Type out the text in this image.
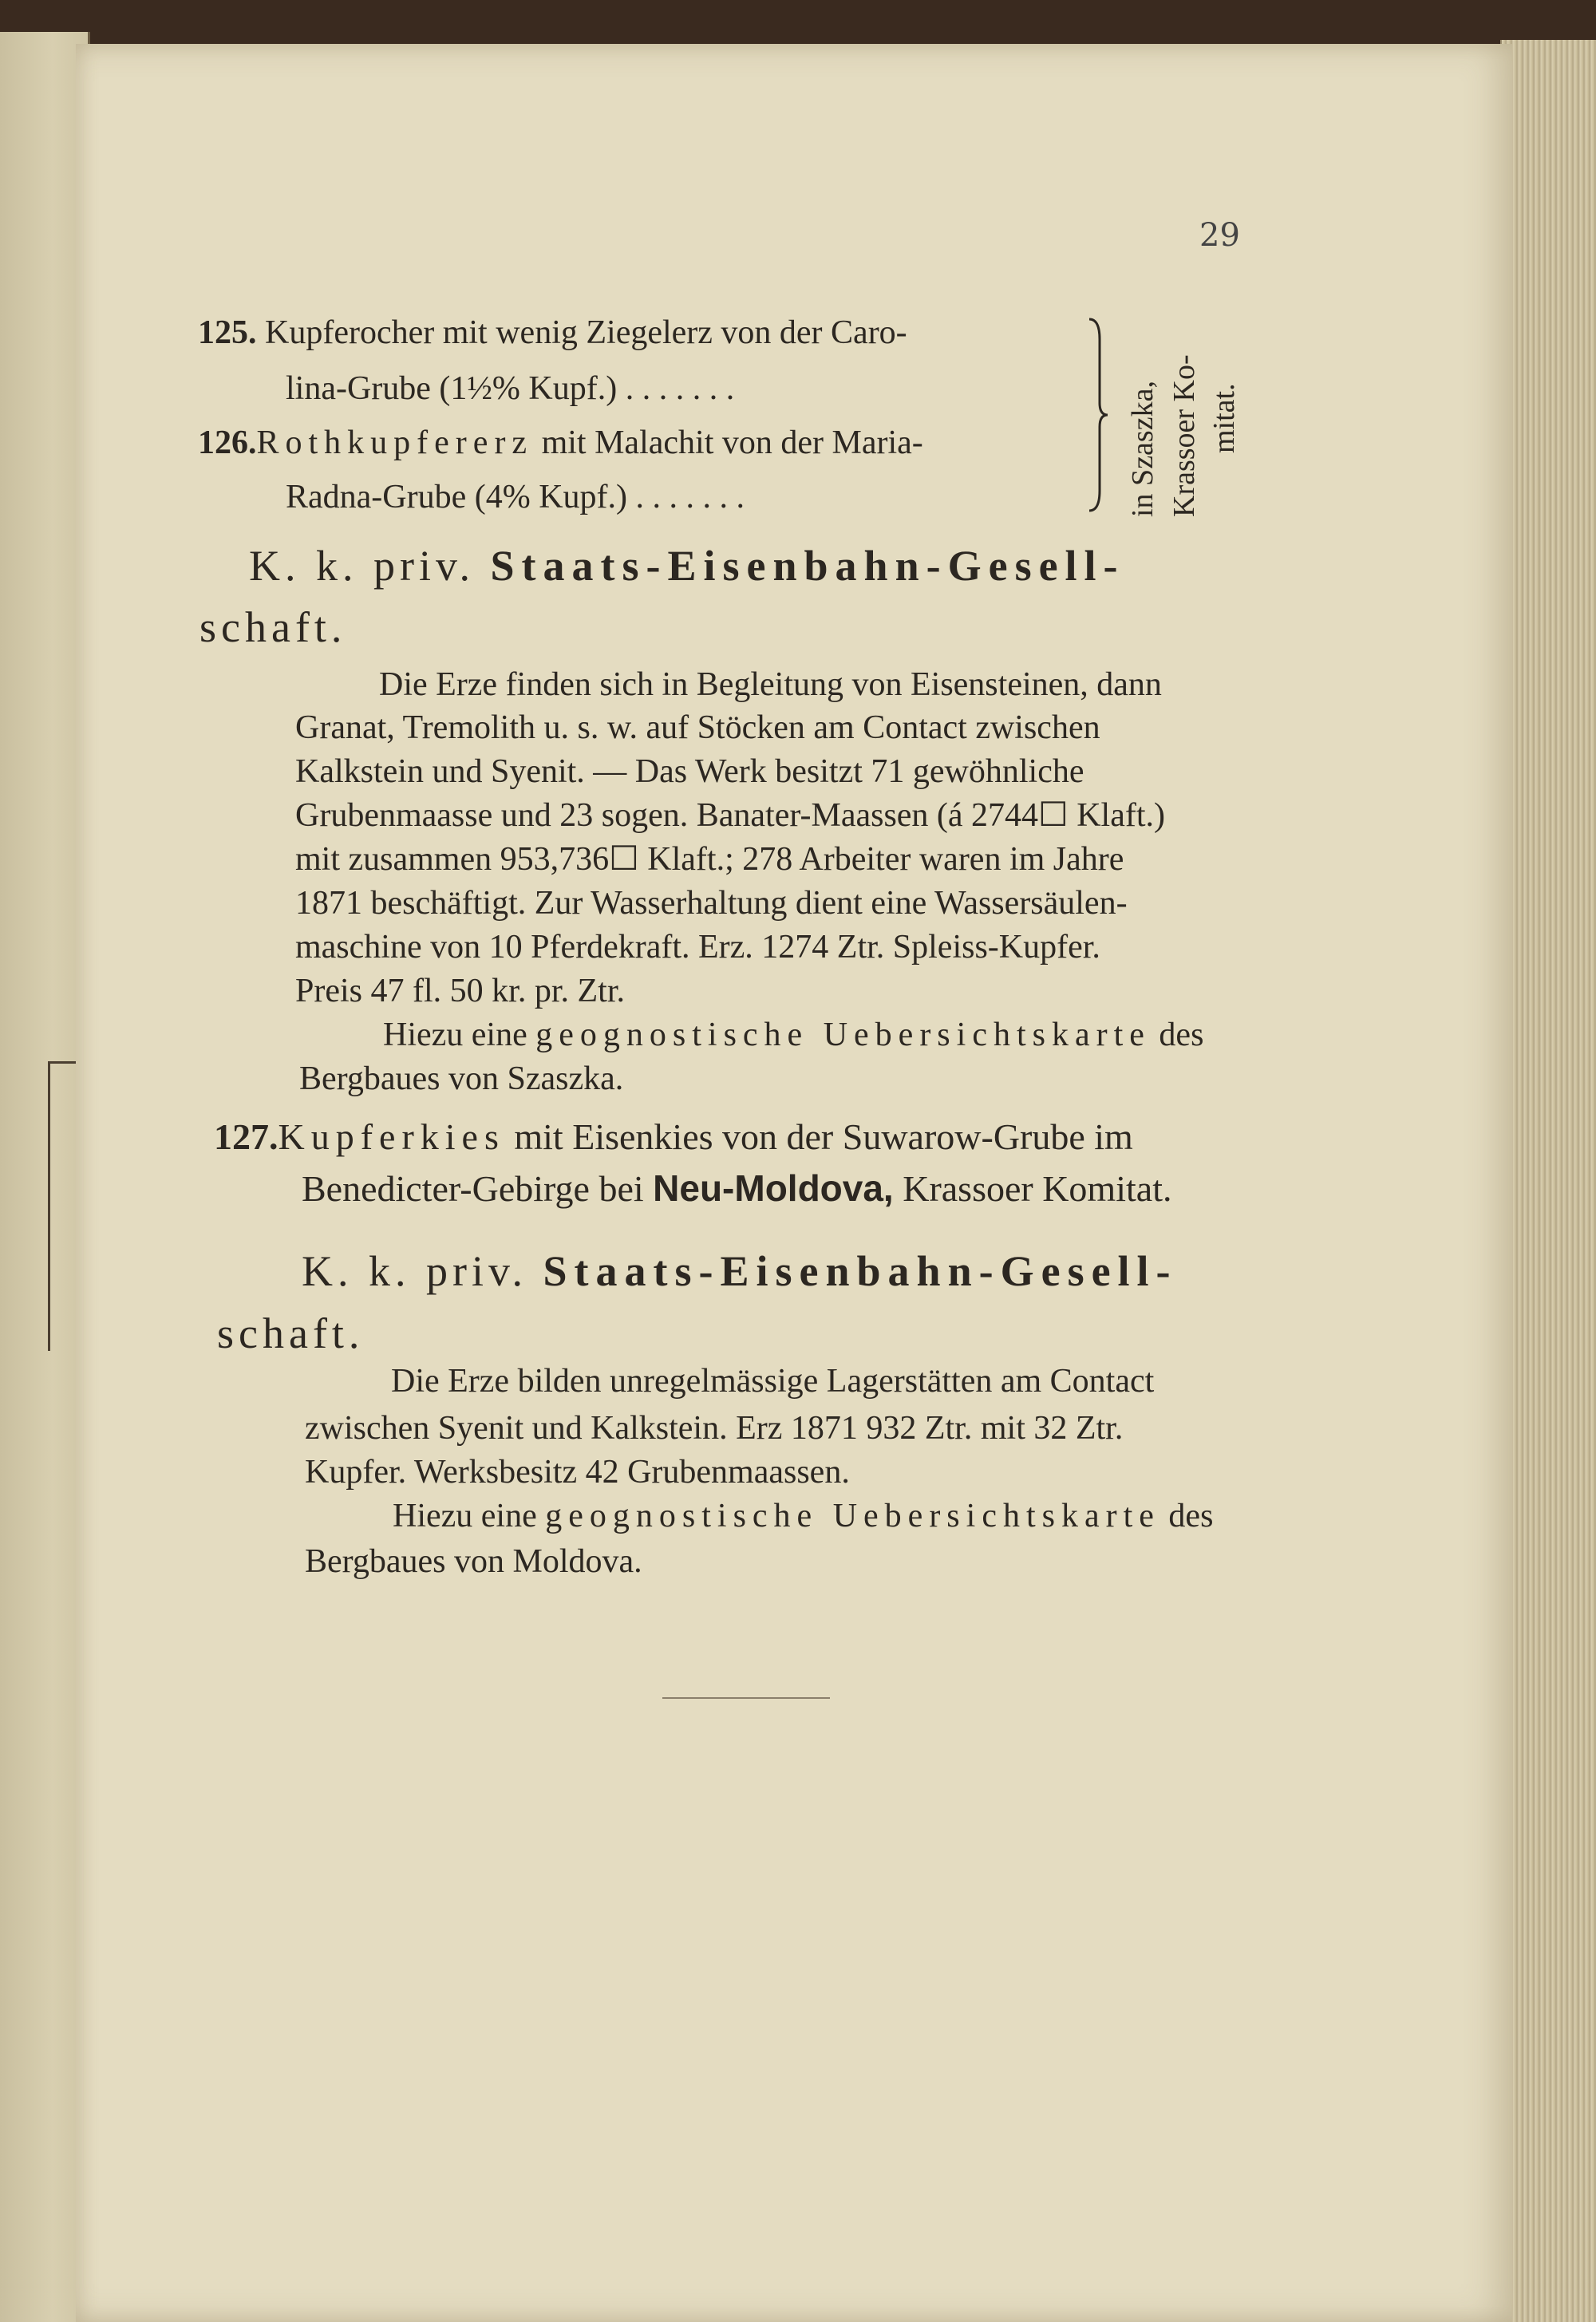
29
125. Kupferocher mit wenig Ziegelerz von der Caro-
lina-Grube (1½% Kupf.) . . . . . . .
126.Rothkupfererz mit Malachit von der Maria-
Radna-Grube (4% Kupf.) . . . . . . .	in Szaszka, Krassoer Ko- mitat.
K. k. priv. Staats-Eisenbahn-Gesell-
schaft.
Die Erze finden sich in Begleitung von Eisensteinen, dann
Granat, Tremolith u. s. w. auf Stöcken am Contact zwischen
Kalkstein und Syenit. — Das Werk besitzt 71 gewöhnliche
Grubenmaasse und 23 sogen. Banater-Maassen (á 2744☐ Klaft.)
mit zusammen 953,736☐ Klaft.; 278 Arbeiter waren im Jahre
1871 beschäftigt. Zur Wasserhaltung dient eine Wassersäulen-
maschine von 10 Pferdekraft. Erz. 1274 Ztr. Spleiss-Kupfer.
Preis 47 fl. 50 kr. pr. Ztr.
Hiezu eine geognostische Uebersichtskarte des
Bergbaues von Szaszka.
127.Kupferkies mit Eisenkies von der Suwarow-Grube im
Benedicter-Gebirge bei Neu-Moldova, Krassoer Komitat.
K. k. priv. Staats-Eisenbahn-Gesell-
schaft.
Die Erze bilden unregelmässige Lagerstätten am Contact
zwischen Syenit und Kalkstein. Erz 1871 932 Ztr. mit 32 Ztr.
Kupfer. Werksbesitz 42 Grubenmaassen.
Hiezu eine geognostische Uebersichtskarte des
Bergbaues von Moldova.
